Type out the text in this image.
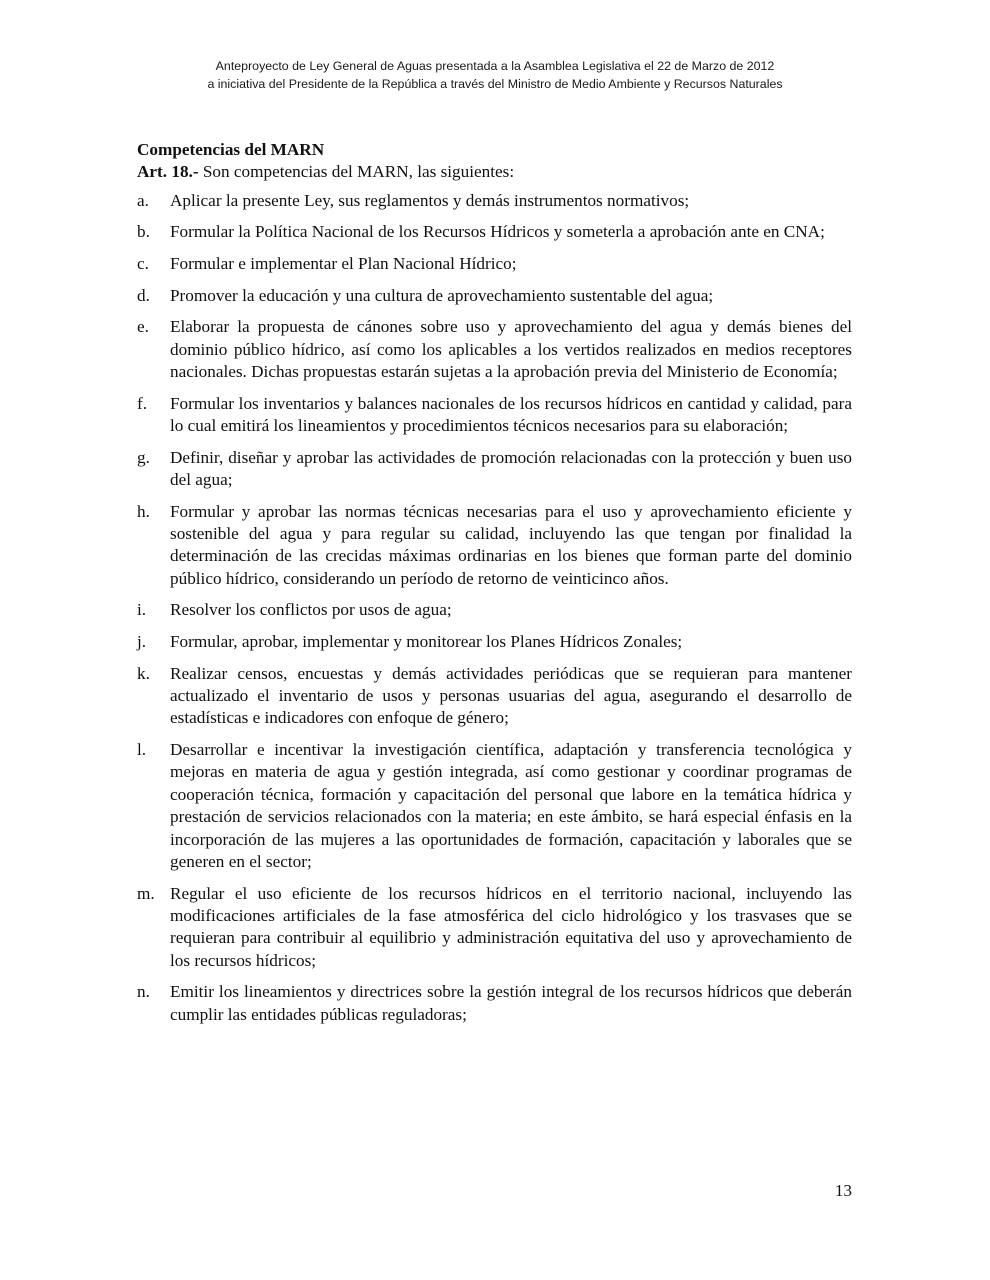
Anteproyecto de Ley General de Aguas presentada a la Asamblea Legislativa el 22 de Marzo de 2012
a iniciativa del Presidente de la República a través del Ministro de Medio Ambiente y Recursos Naturales
Competencias del MARN
Art. 18.- Son competencias del MARN, las siguientes:
a.	Aplicar la presente Ley, sus reglamentos y demás instrumentos normativos;
b.	Formular la Política Nacional de los Recursos Hídricos y someterla a aprobación ante en CNA;
c.	Formular e implementar el Plan Nacional Hídrico;
d.	Promover la educación y una cultura de aprovechamiento sustentable del agua;
e.	Elaborar la propuesta de cánones sobre uso y aprovechamiento del agua y demás bienes del dominio público hídrico, así como los aplicables a los vertidos realizados en medios receptores nacionales. Dichas propuestas estarán sujetas a la aprobación previa del Ministerio de Economía;
f.	Formular los inventarios y balances nacionales de los recursos hídricos en cantidad y calidad, para lo cual emitirá los lineamientos y procedimientos técnicos necesarios para su elaboración;
g.	Definir, diseñar y aprobar las actividades de promoción relacionadas con la protección y buen uso del agua;
h.	Formular y aprobar las normas técnicas necesarias para el uso y aprovechamiento eficiente y sostenible del agua y para regular su calidad, incluyendo las que tengan por finalidad la determinación de las crecidas máximas ordinarias en los bienes que forman parte del dominio público hídrico, considerando un período de retorno de veinticinco años.
i.	Resolver los conflictos por usos de agua;
j.	Formular, aprobar, implementar y monitorear los Planes Hídricos Zonales;
k.	Realizar censos, encuestas y demás actividades periódicas que se requieran para mantener actualizado el inventario de usos y personas usuarias del agua, asegurando el desarrollo de estadísticas e indicadores con enfoque de género;
l.	Desarrollar e incentivar la investigación científica, adaptación y transferencia tecnológica y mejoras en materia de agua y gestión integrada, así como gestionar y coordinar programas de cooperación técnica, formación y capacitación del personal que labore en la temática hídrica y prestación de servicios relacionados con la materia; en este ámbito, se hará especial énfasis en la incorporación de las mujeres a las oportunidades de formación, capacitación y laborales que se generen en el sector;
m. Regular el uso eficiente de los recursos hídricos en el territorio nacional, incluyendo las modificaciones artificiales de la fase atmosférica del ciclo hidrológico y los trasvases que se requieran para contribuir al equilibrio y administración equitativa del uso y aprovechamiento de los recursos hídricos;
n.	Emitir los lineamientos y directrices sobre la gestión integral de los recursos hídricos que deberán cumplir las entidades públicas reguladoras;
13
